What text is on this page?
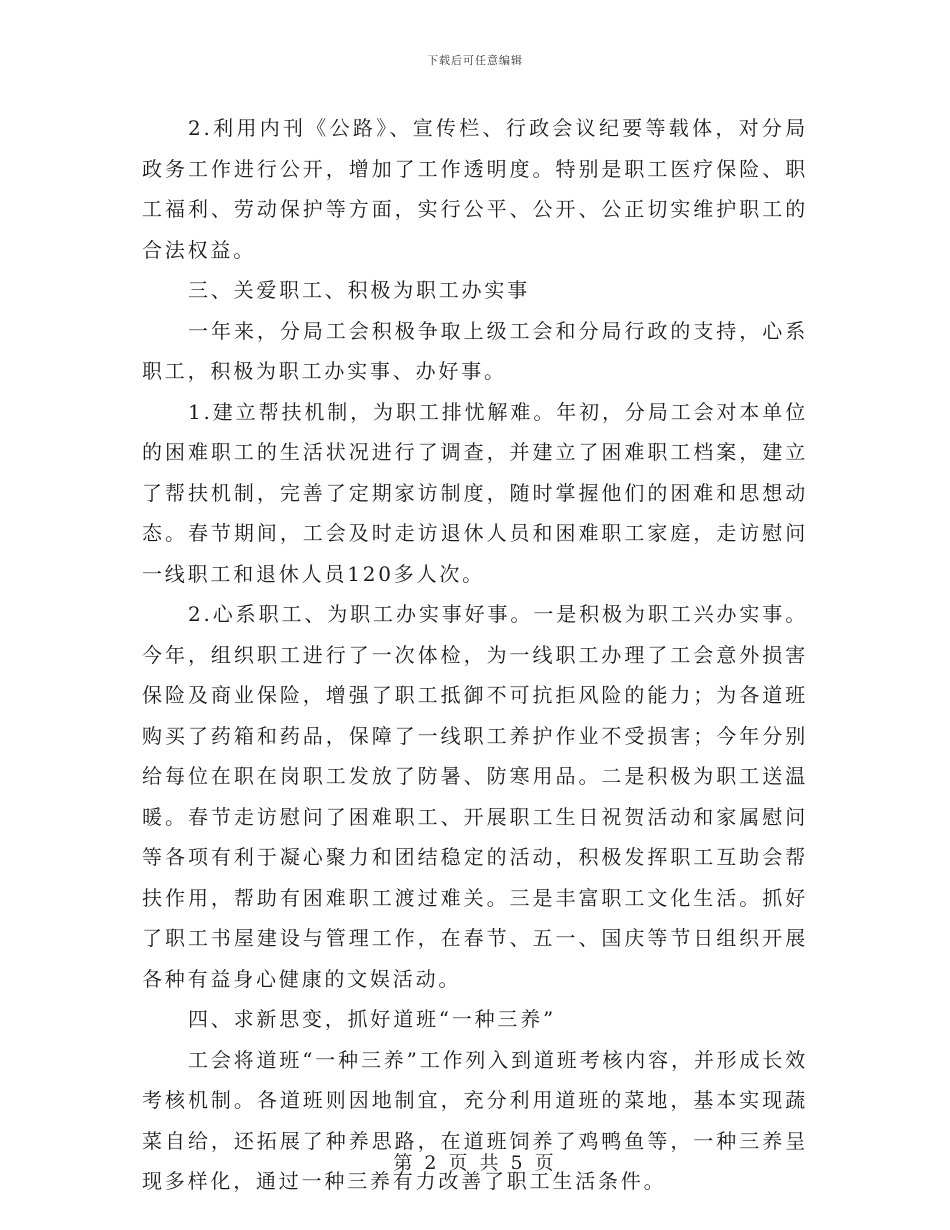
下载后可任意编辑

2.利用内刊《公路》、宣传栏、行政会议纪要等载体，对分局政务工作进行公开，增加了工作透明度。特别是职工医疗保险、职工福利、劳动保护等方面，实行公平、公开、公正切实维护职工的合法权益。

三、关爱职工、积极为职工办实事

一年来，分局工会积极争取上级工会和分局行政的支持，心系职工，积极为职工办实事、办好事。

1.建立帮扶机制，为职工排忧解难。年初，分局工会对本单位的困难职工的生活状况进行了调查，并建立了困难职工档案，建立了帮扶机制，完善了定期家访制度，随时掌握他们的困难和思想动态。春节期间，工会及时走访退休人员和困难职工家庭，走访慰问一线职工和退休人员120多人次。

2.心系职工、为职工办实事好事。一是积极为职工兴办实事。今年，组织职工进行了一次体检，为一线职工办理了工会意外损害保险及商业保险，增强了职工抵御不可抗拒风险的能力；为各道班购买了药箱和药品，保障了一线职工养护作业不受损害；今年分别给每位在职在岗职工发放了防暑、防寒用品。二是积极为职工送温暖。春节走访慰问了困难职工、开展职工生日祝贺活动和家属慰问等各项有利于凝心聚力和团结稳定的活动，积极发挥职工互助会帮扶作用，帮助有困难职工渡过难关。三是丰富职工文化生活。抓好了职工书屋建设与管理工作，在春节、五一、国庆等节日组织开展各种有益身心健康的文娱活动。

四、求新思变，抓好道班“一种三养”

工会将道班“一种三养”工作列入到道班考核内容，并形成长效考核机制。各道班则因地制宜，充分利用道班的菜地，基本实现蔬菜自给，还拓展了种养思路，在道班饲养了鸡鸭鱼等，一种三养呈现多样化，通过一种三养有力改善了职工生活条件。

第 2 页 共 5 页
